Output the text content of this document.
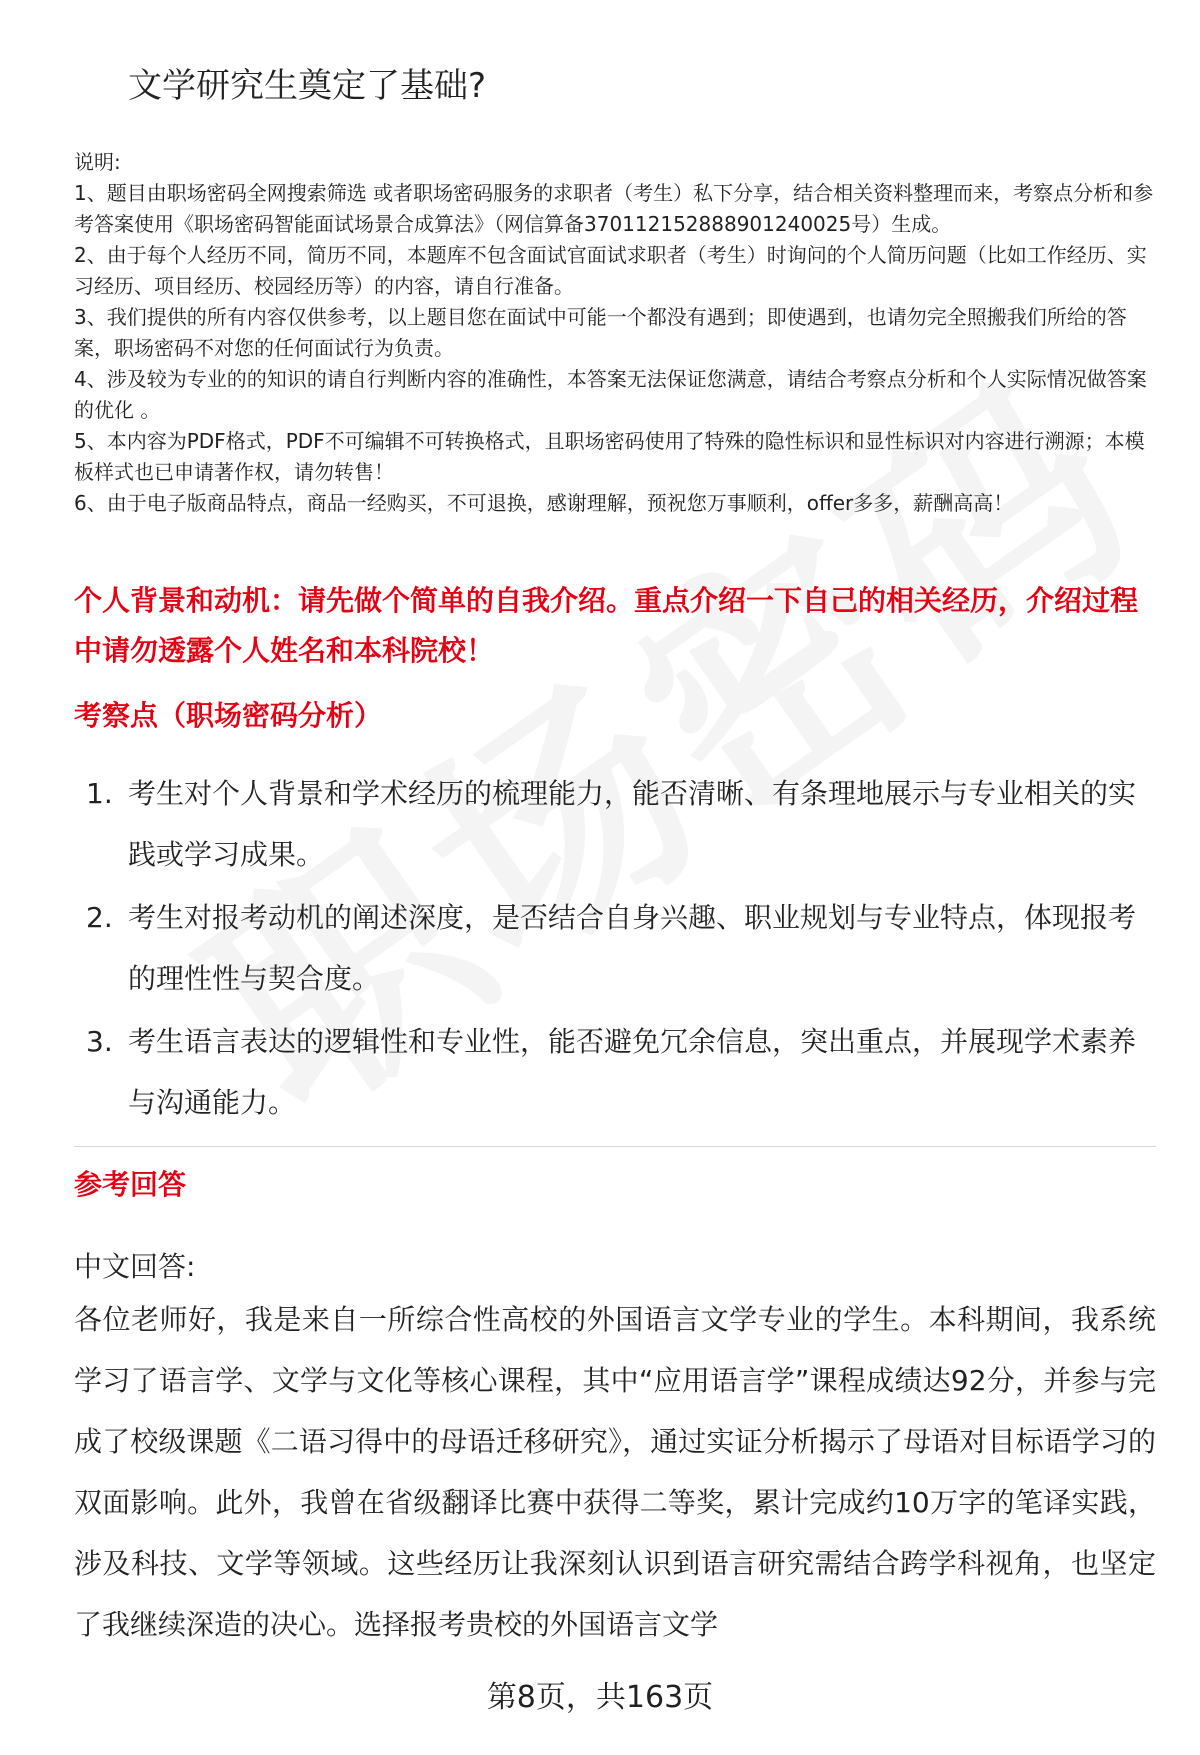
文学研究生奠定了基础?
说明:
1、题目由职场密码全网搜索筛选 或者职场密码服务的求职者（考生）私下分享，结合相关资料整理而来，考察点分析和参考答案使用《职场密码智能面试场景合成算法》（网信算备370112152888901240025号）生成。
2、由于每个人经历不同，简历不同，本题库不包含面试官面试求职者（考生）时询问的个人简历问题（比如工作经历、实习经历、项目经历、校园经历等）的内容，请自行准备。
3、我们提供的所有内容仅供参考，以上题目您在面试中可能一个都没有遇到；即使遇到，也请勿完全照搬我们所给的答案，职场密码不对您的任何面试行为负责。
4、涉及较为专业的的知识的请自行判断内容的准确性，本答案无法保证您满意，请结合考察点分析和个人实际情况做答案的优化 。
5、本内容为PDF格式，PDF不可编辑不可转换格式，且职场密码使用了特殊的隐性标识和显性标识对内容进行溯源；本模板样式也已申请著作权，请勿转售！
6、由于电子版商品特点，商品一经购买，不可退换，感谢理解，预祝您万事顺利，offer多多，薪酬高高！
个人背景和动机：请先做个简单的自我介绍。重点介绍一下自己的相关经历，介绍过程中请勿透露个人姓名和本科院校！
考察点（职场密码分析）
1. 考生对个人背景和学术经历的梳理能力，能否清晰、有条理地展示与专业相关的实践或学习成果。
2. 考生对报考动机的阐述深度，是否结合自身兴趣、职业规划与专业特点，体现报考的理性性与契合度。
3. 考生语言表达的逻辑性和专业性，能否避免冗余信息，突出重点，并展现学术素养与沟通能力。
参考回答
中文回答:
各位老师好，我是来自一所综合性高校的外国语言文学专业的学生。本科期间，我系统学习了语言学、文学与文化等核心课程，其中“应用语言学”课程成绩达92分，并参与完成了校级课题《二语习得中的母语迁移研究》，通过实证分析揭示了母语对目标语学习的双面影响。此外，我曾在省级翻译比赛中获得二等奖，累计完成约10万字的笔译实践，涉及科技、文学等领域。这些经历让我深刻认识到语言研究需结合跨学科视角，也坚定了我继续深造的决心。选择报考贵校的外国语言文学
第8页，共163页
